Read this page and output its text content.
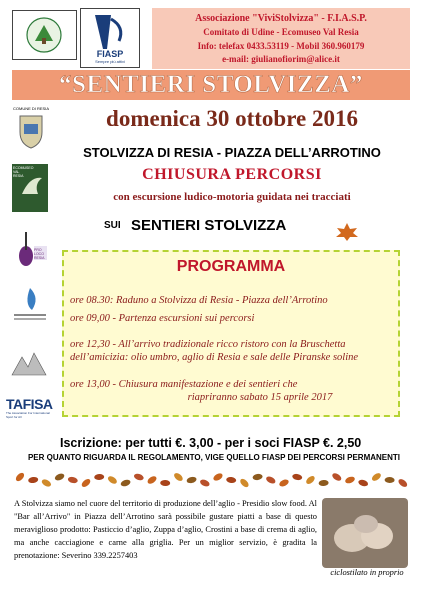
FIASP
Sempre più attivi
Associazione "ViviStolvizza" - F.I.A.S.P.
Comitato di Udine - Ecomuseo Val Resia
Info: telefax 0433.53119 - Mobil 360.960179
e-mail: giulianofiorim@alice.it
“SENTIERI STOLVIZZA”
COMUNE DI RESIA
ECOMUSEO VAL RESIA
PRO LOCO RESIA
TAFISA
The Association For International Sport for All
domenica 30 ottobre 2016
STOLVIZZA DI RESIA - PIAZZA DELL’ARROTINO
CHIUSURA PERCORSI
con escursione ludico-motoria guidata nei tracciati
SUI SENTIERI STOLVIZZA
PROGRAMMA
ore 08.30: Raduno a Stolvizza di Resia - Piazza dell’Arrotino
ore 09,00 - Partenza escursioni sui percorsi
ore 12,30 - All’arrivo tradizionale ricco ristoro con la Bruschetta dell’amicizia: olio umbro, aglio di Resia e sale delle Piranske soline
ore 13,00 - Chiusura manifestazione e dei sentieri che
riapriranno sabato 15 aprile 2017
Iscrizione: per tutti €. 3,00 - per i soci FIASP €. 2,50
PER QUANTO RIGUARDA IL REGOLAMENTO, VIGE QUELLO FIASP DEI PERCORSI PERMANENTI
A Stolvizza siamo nel cuore del territorio di produzione dell’aglio - Presidio slow food. Al "Bar all’Arrivo" in Piazza dell’Arrotino sarà possibile gustare piatti a base di questo meraviglioso prodotto: Pasticcio d’aglio, Zuppa d’aglio, Crostini a base di crema di aglio, ma anche cacciagione e carne alla griglia. Per un miglior servizio, è gradita la prenotazione: Severino 339.2257403
ciclostilato in proprio
